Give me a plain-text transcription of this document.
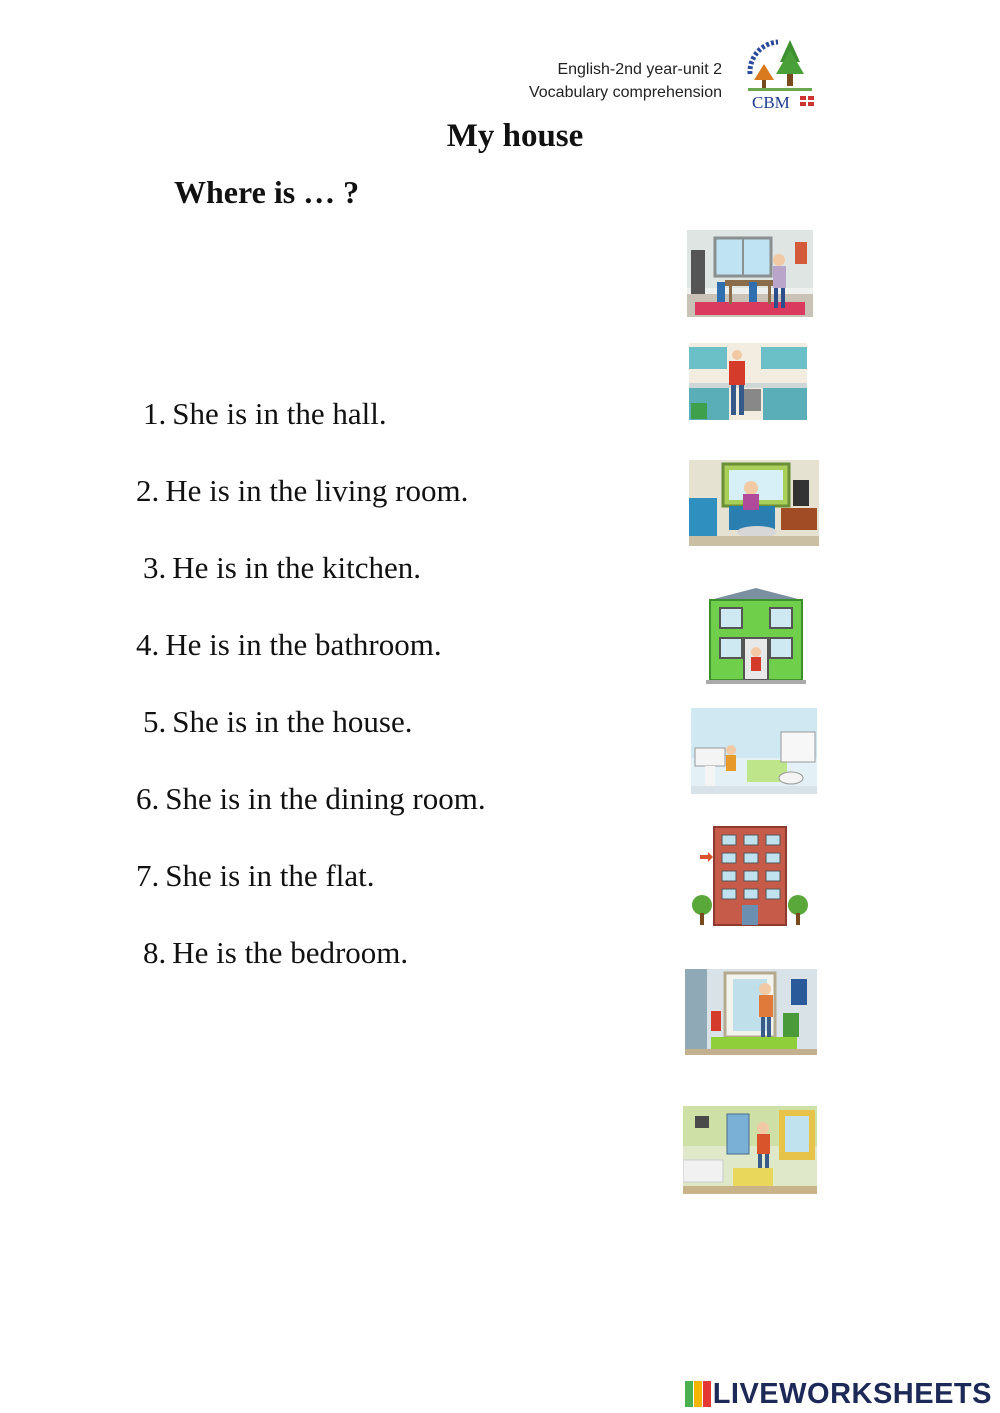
English-2nd year-unit 2
Vocabulary comprehension
CBM
My house
Where is … ?
1. She is in the hall.
2. He is in the living room.
3. He is in the kitchen.
4. He is in the bathroom.
5. She is in the house.
6. She is in the dining room.
7. She is in the flat.
8. He is the bedroom.
LIVEWORKSHEETS
